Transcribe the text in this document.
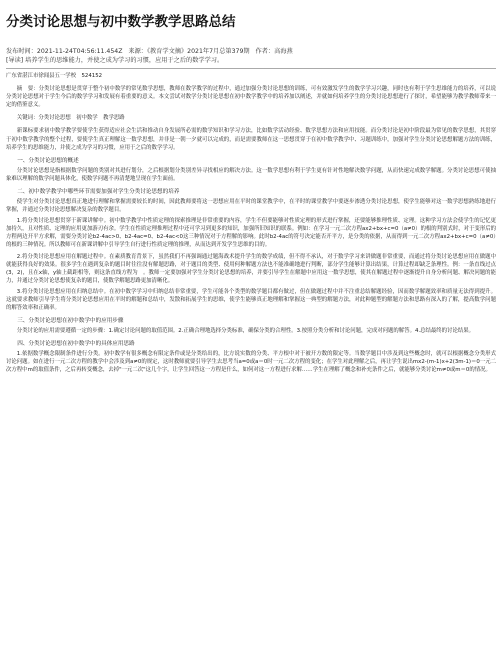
分类讨论思想与初中数学教学思路总结
发布时间：2021-11-24T04:56:11.454Z 来源：《教育学文摘》2021年7月总第379期 作者：高海燕
[导读] 培养学生的思维能力，并使之成为学习的习惯，应用于之后的数学学习。

广东省湛江市徐闻县五一学校　524152

摘　要：分类讨论思想是贯穿于整个初中数学的常见数学思想，教师在数学教学的过程中，通过加强分类讨论思想的训练，可有效激发学生的数学学习兴趣，同时也有利于学生思维能力的培养，可以说分类讨论思想对于学生今后的数学学习和发展有着重要的意义。本文尝试对数学分类讨论思想在初中数学教学中的培养加以阐述，并就如何培养学生的分类讨论思想进行了探讨，希望能够为教学教师带来一定的借鉴意义。

关键词：分类讨论思想　初中数学　教学思路

新课标要求初中数学教学要使学生获得适应社会生活和推动自身发展所必需的数学知识和学习方法，比如数学活动经验、数学思想方法和应用技能。而分类讨论是初中阶段最为常见的数学思想，其贯穿于初中数学教学的整个过程，要使学生真正理解这一数学思想，并非是一朝一夕就可以完成的，而是需要教师在这一思想贯穿于在初中数学教学中、习题训练中，加强对学生分类讨论思想解题方法的训练，培养学生的思维能力，并使之成为学习的习惯，应用于之后的数学学习。

一、分类讨论思想的概述

分类讨论思想是指根据数学问题的类别对其进行划分，之后根据划分类别差异寻找相应的解决方法。这一数学思想有利于学生更有针对性地解决数学问题，从而快速完成数学解题。分类讨论思想可使抽象难以理解的数学问题具体化，使数学问题不再清楚地呈现在学生面前。

二、初中数学教学中哪些环节需要加强对学生分类讨论思想的培养

使学生对分类讨论思想真正地进行理解和掌握需要较长的时间，因此教师要将这一思想应用在平时的课堂教学中，在平时的课堂教学中要逐步渗透分类讨论思想，使学生能够对这一数学思想熟练地进行掌握，并通过分类讨论思想解决复杂的数学题目。

1.将分类讨论思想贯穿于新课讲解中。初中数学教学中性质定理的探索推理是非常重要的内容，学生不但要能够对性质定理的形式进行掌握，还要能够推理性质、定理。这种学习方法会使学生的记忆更加持久，且对性质、定理的应用更加游刃有余。学生在性质定理推理过程中还可学习到更多的知识，加强所旧知识的联系。例如：在学习一元二次方程ax2+bx+c=0（a≠0）的根的判别式时，对于变形后的方程两边开平方求解，需要分类讨论b2-4ac>0、b2-4ac=0、b2-4ac<0这三种情况对于方程解的影响。此时b2-4ac的符号决定能否开平方，是分类的依据，从而得到一元二次方程ax2+bx+c=0（a≠0）的根的三种情况。所以教师可在新课讲解中引导学生自行进行性质定理的推理，从而达到开发学生思维的目的。

2.将分类讨论思想应用在解题过程中。在素质教育背景下，虽然我们不再强调通过题海战术提升学生的数学成绩，但不得不承认，对于数学学习来讲做题非常重要，而通过将分类讨论思想应用在做题中就能获得良好的效果。很多学生在遇到复杂的题目时往往没有解题思路，对于题目的类型、使用何种解题方法也不能准确地进行判断，部分学生能够计算出结果，计算过程却缺乏条理性。例：一条直线过点(3，2)，且在x轴，y轴上截距相等，则这条直线方程为　。教师一定要加强对学生分类讨论思想的培养，并要引导学生在解题中应用这一数学思想，使其在解题过程中逐渐提升自身分析问题、解决问题的能力，并通过分类讨论思想使复杂的题目，使数学解题思路更加清晰化。

3.将分类讨论思想应用在归纳总结中。在初中数学学习中归纳总结非常重要，学生可能各个类型的数学题目都有做过，但在做题过程中并不注重总结解题经验，因而数学解题效率和质量无法得到提升。这就要求教师引导学生将分类讨论思想应用在平时的解题和总结中，发散和拓展学生的思维，使学生能够真正地理解和掌握这一典型的解题方法，对此种题型的解题方法和思路有深入的了解，提高数学问题的解答效率和正确率。

三、分类讨论思想在初中数学中的应用步骤

分类讨论的应用需要遵循一定的步骤：1.确定讨论问题的取值范围。2.正确合理地选择分类标准，确保分类的合理性。3.按照分类分析和讨论问题，完成对问题的解答。4.总结最终的讨论结果。

四、分类讨论思想在初中数学中的具体应用思路

1.依据数学概念限制条件进行分类。初中数学有很多概念有限定条件或是分类给出的，比方说实数的分类、平方根中对于被开方数的限定等。当数学题目中涉及到这些概念时，就可以根据概念分类形式讨论问题。如在进行一元二次方程的教学中会涉及到a≠0的规定，这时教师就要引导学生去思考当a=0或a＝0时一元二次方程的变化；在学生对此理解之后，再让学生说出mx2-(m-1)x+2(3m-1)＝0一元二次方程中m的取值条件，之后再转变概念，去掉"一元二次"这几个字，让学生回答这一方程是什么，如何对这一方程进行求解……学生在理解了概念和补充条件之后，就能够分类讨论m≠0或m＝0的情况。
